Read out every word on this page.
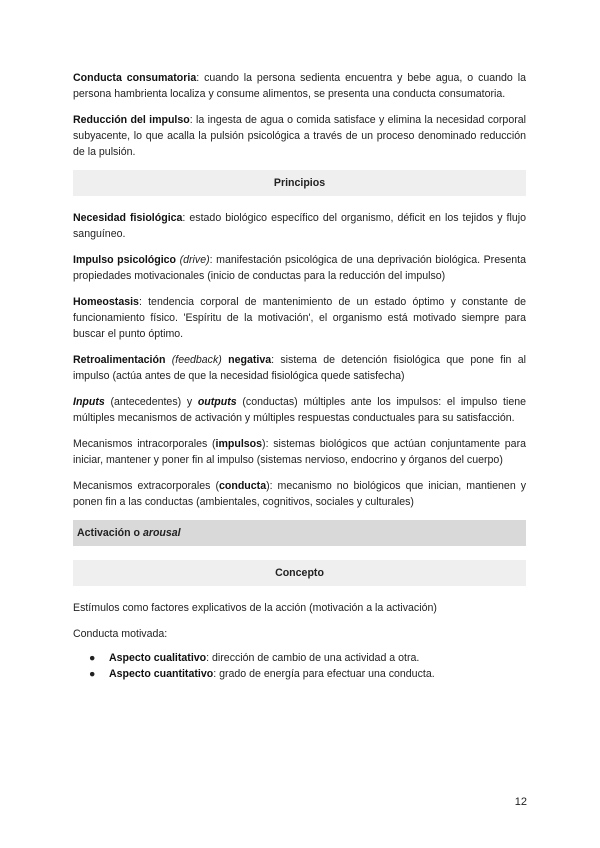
Conducta consumatoria: cuando la persona sedienta encuentra y bebe agua, o cuando la persona hambrienta localiza y consume alimentos, se presenta una conducta consumatoria.

Reducción del impulso: la ingesta de agua o comida satisface y elimina la necesidad corporal subyacente, lo que acalla la pulsión psicológica a través de un proceso denominado reducción de la pulsión.

Principios

Necesidad fisiológica: estado biológico específico del organismo, déficit en los tejidos y flujo sanguíneo.

Impulso psicológico (drive): manifestación psicológica de una deprivación biológica. Presenta propiedades motivacionales (inicio de conductas para la reducción del impulso)

Homeostasis: tendencia corporal de mantenimiento de un estado óptimo y constante de funcionamiento físico. 'Espíritu de la motivación', el organismo está motivado siempre para buscar el punto óptimo.

Retroalimentación (feedback) negativa: sistema de detención fisiológica que pone fin al impulso (actúa antes de que la necesidad fisiológica quede satisfecha)

Inputs (antecedentes) y outputs (conductas) múltiples ante los impulsos: el impulso tiene múltiples mecanismos de activación y múltiples respuestas conductuales para su satisfacción.

Mecanismos intracorporales (impulsos): sistemas biológicos que actúan conjuntamente para iniciar, mantener y poner fin al impulso (sistemas nervioso, endocrino y órganos del cuerpo)

Mecanismos extracorporales (conducta): mecanismo no biológicos que inician, mantienen y ponen fin a las conductas (ambientales, cognitivos, sociales y culturales)

Activación o arousal
Concepto

Estímulos como factores explicativos de la acción (motivación a la activación)

Conducta motivada:

● Aspecto cualitativo: dirección de cambio de una actividad a otra.
● Aspecto cuantitativo: grado de energía para efectuar una conducta.
12
